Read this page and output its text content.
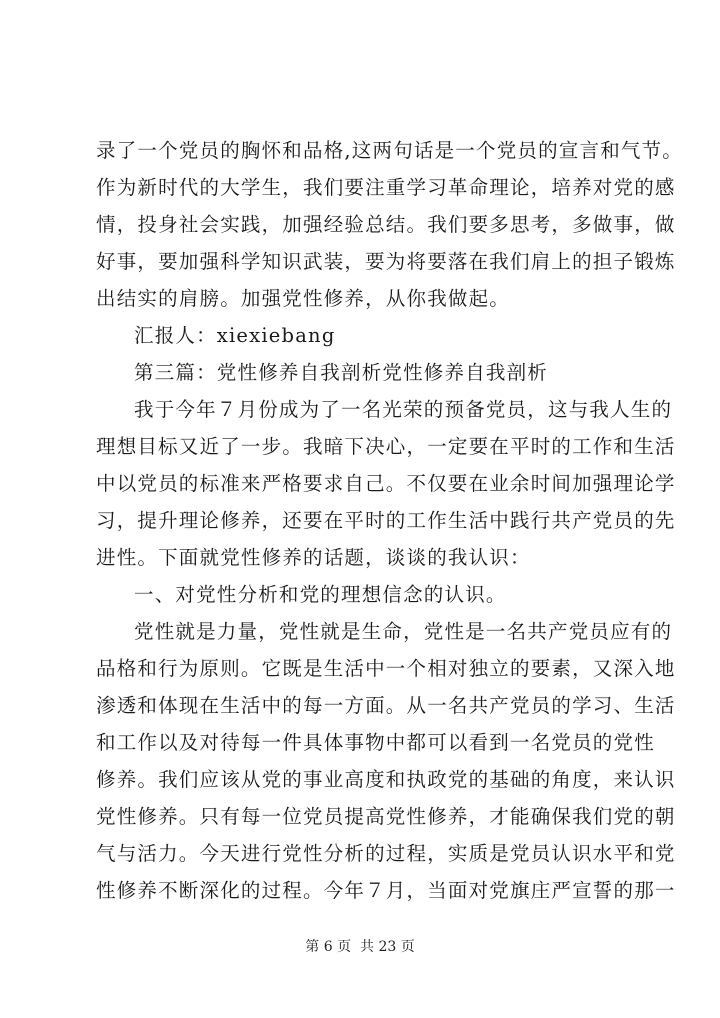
录了一个党员的胸怀和品格,这两句话是一个党员的宣言和气节。
作为新时代的大学生，我们要注重学习革命理论，培养对党的感
情，投身社会实践，加强经验总结。我们要多思考，多做事，做
好事，要加强科学知识武装，要为将要落在我们肩上的担子锻炼
出结实的肩膀。加强党性修养，从你我做起。
汇报人：xiexiebang
第三篇：党性修养自我剖析党性修养自我剖析
我于今年７月份成为了一名光荣的预备党员，这与我人生的
理想目标又近了一步。我暗下决心，一定要在平时的工作和生活
中以党员的标准来严格要求自己。不仅要在业余时间加强理论学
习，提升理论修养，还要在平时的工作生活中践行共产党员的先
进性。下面就党性修养的话题，谈谈的我认识：
一、对党性分析和党的理想信念的认识。
党性就是力量，党性就是生命，党性是一名共产党员应有的
品格和行为原则。它既是生活中一个相对独立的要素，又深入地
渗透和体现在生活中的每一方面。从一名共产党员的学习、生活
和工作以及对待每一件具体事物中都可以看到一名党员的党性
修养。我们应该从党的事业高度和执政党的基础的角度，来认识
党性修养。只有每一位党员提高党性修养，才能确保我们党的朝
气与活力。今天进行党性分析的过程，实质是党员认识水平和党
性修养不断深化的过程。今年７月，当面对党旗庄严宣誓的那一
第 6 页  共 23 页
